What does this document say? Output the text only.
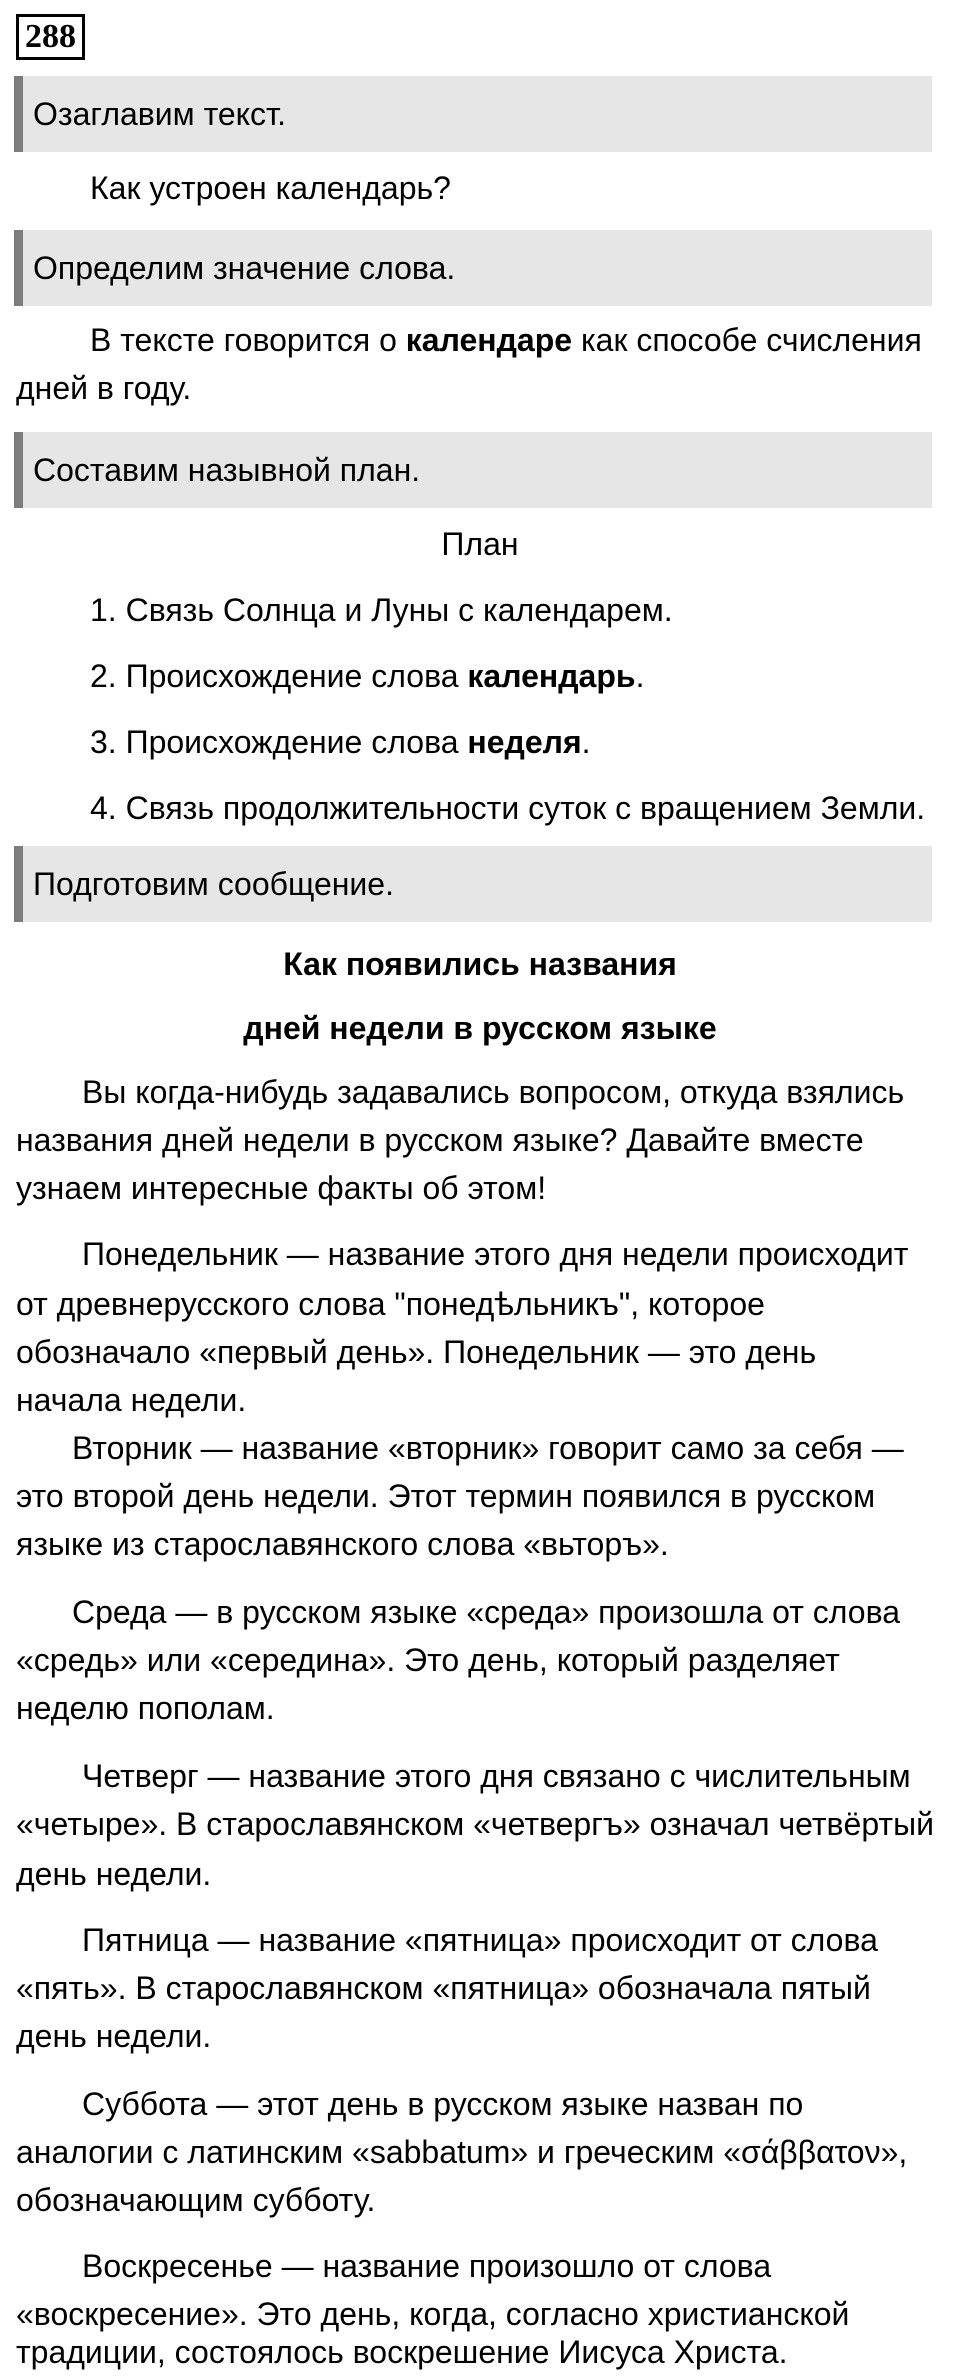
288
Озаглавим текст.
Как устроен календарь?
Определим значение слова.
В тексте говорится о календаре как способе счисления
дней в году.
Составим назывной план.
План
1. Связь Солнца и Луны с календарем.
2. Происхождение слова календарь.
3. Происхождение слова неделя.
4. Связь продолжительности суток с вращением Земли.
Подготовим сообщение.
Как появились названия
дней недели в русском языке
Вы когда-нибудь задавались вопросом, откуда взялись
названия дней недели в русском языке? Давайте вместе
узнаем интересные факты об этом!
Понедельник — название этого дня недели происходит
от древнерусского слова "понедѣльникъ", которое
обозначало «первый день». Понедельник — это день
начала недели.
Вторник — название «вторник» говорит само за себя —
это второй день недели. Этот термин появился в русском
языке из старославянского слова «вьторъ».
Среда — в русском языке «среда» произошла от слова
«средь» или «середина». Это день, который разделяет
неделю пополам.
Четверг — название этого дня связано с числительным
«четыре». В старославянском «четвергъ» означал четвёртый
день недели.
Пятница — название «пятница» происходит от слова
«пять». В старославянском «пятница» обозначала пятый
день недели.
Суббота — этот день в русском языке назван по
аналогии с латинским «sabbatum» и греческим «σάββατον»,
обозначающим субботу.
Воскресенье — название произошло от слова
«воскресение». Это день, когда, согласно христианской
традиции, состоялось воскрешение Иисуса Христа.
